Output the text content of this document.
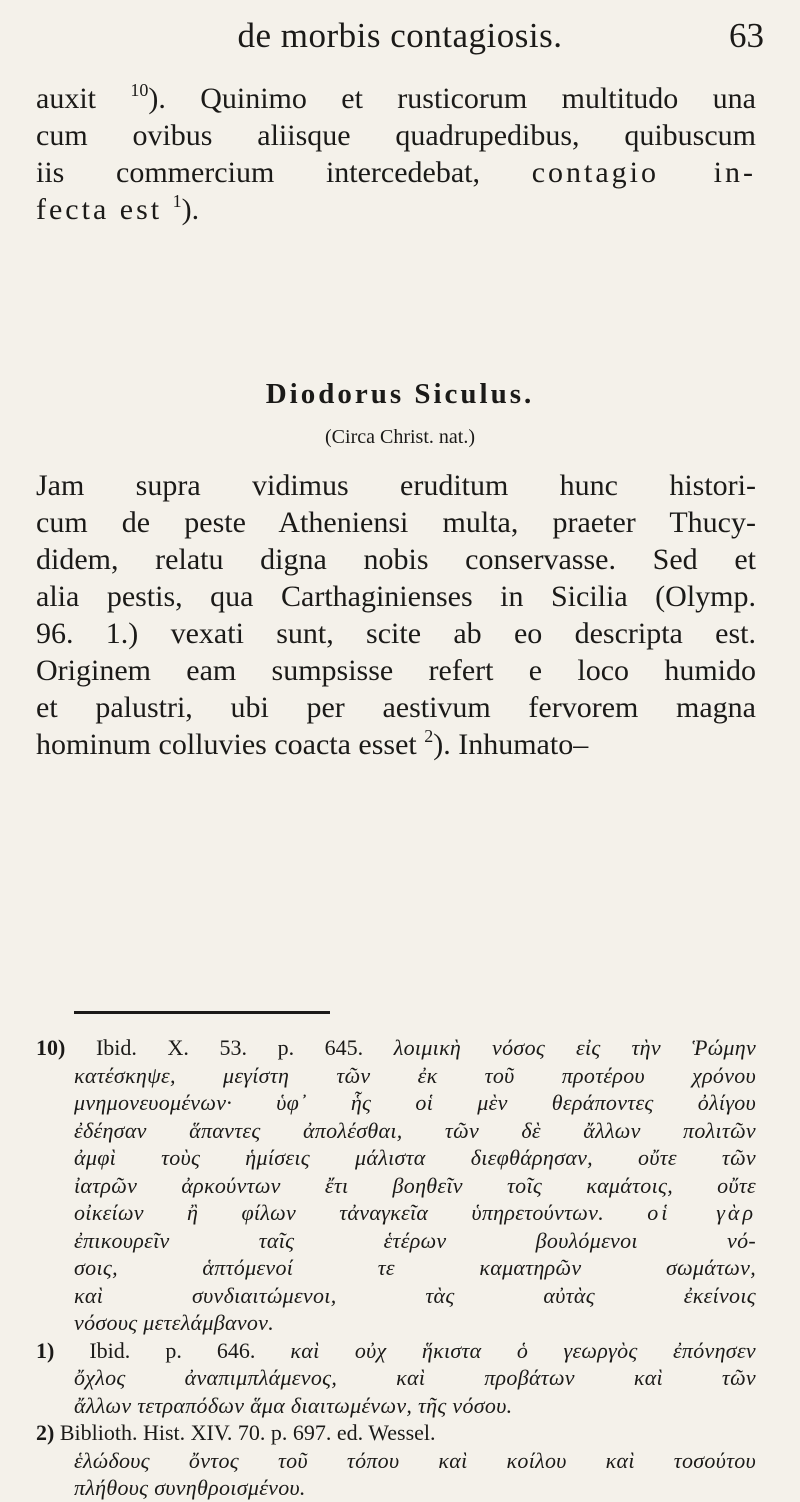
de morbis contagiosis.	63

auxit $^{10}$). Quinimo et rusticorum multitudo una
cum ovibus aliisque quadrupedibus, quibuscum
iis commercium intercedebat, contagio in-
fecta est $^1$).

Diodorus Siculus.
(Circa Christ. nat.)

Jam supra vidimus eruditum hunc histori-
cum de peste Atheniensi multa, praeter Thucy-
didem, relatu digna nobis conservasse. Sed et
alia pestis, qua Carthaginienses in Sicilia (Olymp.
96. 1.) vexati sunt, scite ab eo descripta est.
Originem eam sumpsisse refert e loco humido
et palustri, ubi per aestivum fervorem magna
hominum colluvies coacta esset $^2$). Inhumato–

10) Ibid. X. 53. p. 645. λοιμικὴ νόσος εἰς τὴν Ῥώμην
κατέσκηψε, μεγίστη τῶν ἐκ τοῦ προτέρου χρόνου
μνημονευομένων· ὑφ᾽ ἧς οἱ μὲν θεράποντες ὀλίγου
ἐδέησαν ἅπαντες ἀπολέσθαι, τῶν δὲ ἄλλων πολιτῶν
ἀμφὶ τοὺς ἡμίσεις μάλιστα διεφθάρησαν, οὔτε τῶν
ἰατρῶν ἀρκούντων ἔτι βοηθεῖν τοῖς καμάτοις, οὔτε
οἰκείων ἢ φίλων τἀναγκεῖα ὑπηρετούντων. οἱ γὰρ
ἐπικουρεῖν ταῖς ἑτέρων βουλόμενοι νό-
σοις, ἁπτόμενοί τε καματηρῶν σωμάτων,
καὶ συνδιαιτώμενοι, τὰς αὐτὰς ἐκείνοις
νόσους μετελάμβανον.
1) Ibid. p. 646. καὶ οὐχ ἥκιστα ὁ γεωργὸς ἐπόνησεν
ὄχλος ἀναπιμπλάμενος, καὶ προβάτων καὶ τῶν
ἄλλων τετραπόδων ἅμα διαιτωμένων, τῆς νόσου.
2) Biblioth. Hist. XIV. 70. p. 697. ed. Wessel.
ἑλώδους ὄντος τοῦ τόπου καὶ κοίλου καὶ τοσούτου
πλήθους συνηθροισμένου.
